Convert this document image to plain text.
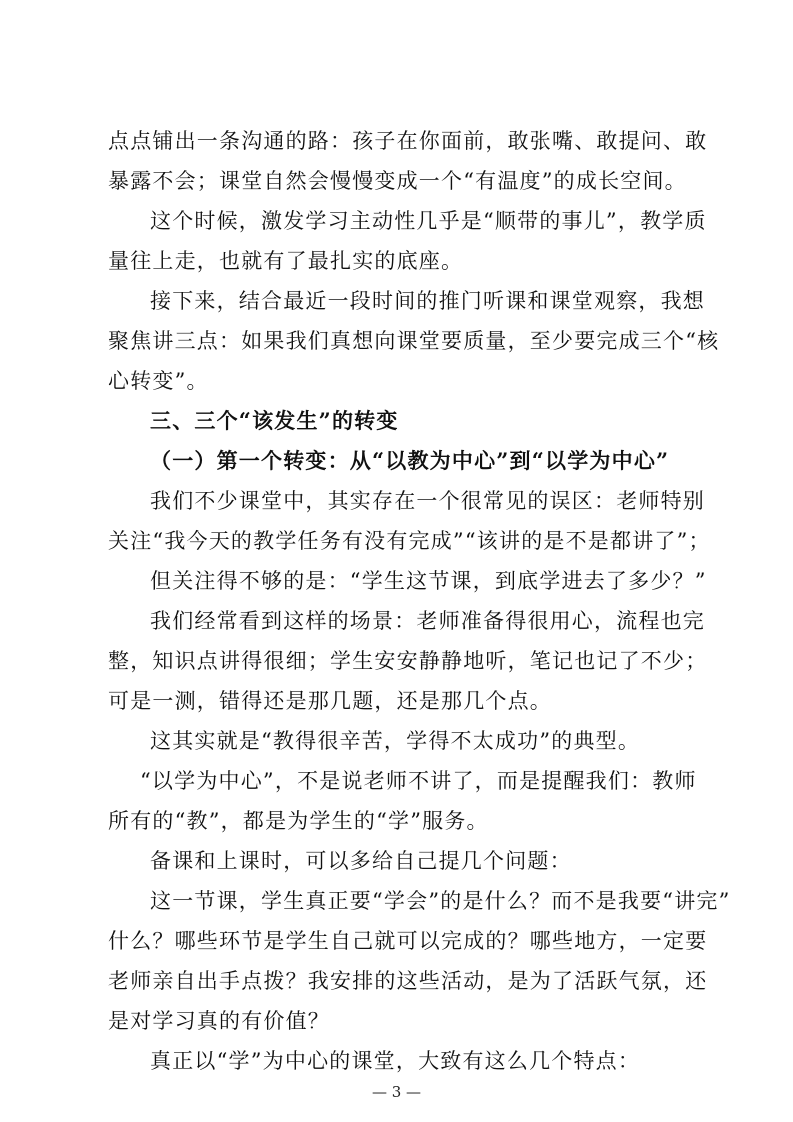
点点铺出一条沟通的路：孩子在你面前，敢张嘴、敢提问、敢
暴露不会；课堂自然会慢慢变成一个“有温度”的成长空间。
这个时候，激发学习主动性几乎是“顺带的事儿”，教学质
量往上走，也就有了最扎实的底座。
接下来，结合最近一段时间的推门听课和课堂观察，我想
聚焦讲三点：如果我们真想向课堂要质量，至少要完成三个“核
心转变”。
三、三个“该发生”的转变
（一）第一个转变：从“以教为中心”到“以学为中心”
我们不少课堂中，其实存在一个很常见的误区：老师特别
关注“我今天的教学任务有没有完成”“该讲的是不是都讲了”；
但关注得不够的是：“学生这节课，到底学进去了多少？”
我们经常看到这样的场景：老师准备得很用心，流程也完
整，知识点讲得很细；学生安安静静地听，笔记也记了不少；
可是一测，错得还是那几题，还是那几个点。
这其实就是“教得很辛苦，学得不太成功”的典型。
“以学为中心”，不是说老师不讲了，而是提醒我们：教师
所有的“教”，都是为学生的“学”服务。
备课和上课时，可以多给自己提几个问题：
这一节课，学生真正要“学会”的是什么？而不是我要“讲完”
什么？哪些环节是学生自己就可以完成的？哪些地方，一定要
老师亲自出手点拨？我安排的这些活动，是为了活跃气氛，还
是对学习真的有价值？
真正以“学”为中心的课堂，大致有这么几个特点：
— 3 —
